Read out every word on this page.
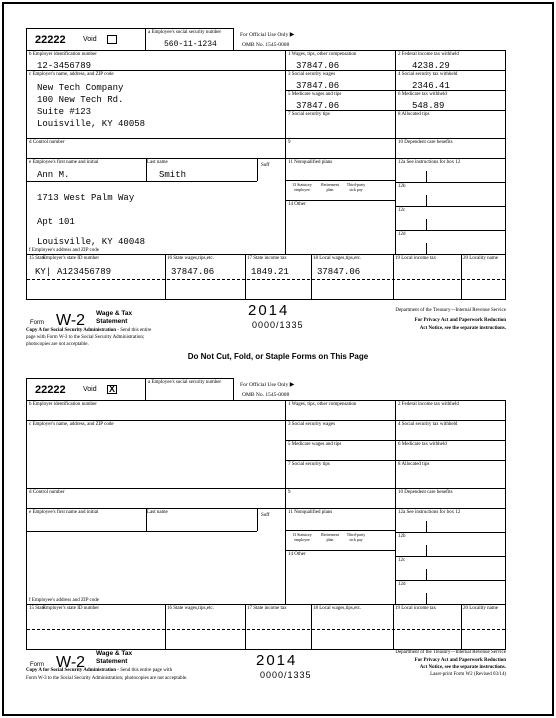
22222 Void
a Employee's social security number
560-11-1234
For Official Use Only ▶
OMB No. 1545-0008
b Employer identification number
12-3456789
c Employer's name, address, and ZIP code
New Tech Company
100 New Tech Rd.
Suite #123
Louisville, KY 40058
d Control number
e Employee's first name and initial	Last name
Suff
Ann M.	Smith
1713 West Palm Way
Apt 101
Louisville, KY 40048
f Employee's address and ZIP code
1 Wages, tips, other compensation
37847.06
2 Federal income tax withheld
4238.29
3 Social security wages
37847.06
4 Social security tax withheld
2346.41
5 Medicare wages and tips
37847.06
6 Medicare tax withheld
548.89
7 Social security tips	8 Allocated tips
9	10 Dependent care benefits
11 Nonqualified plans
13 Statutory employee
Retirement plan
Third-party sick pay
14 Other
12a See instructions for box 12
12b
12c
12d
15 State
Employer's state ID number	16 State wages,tips,etc.	17 State income tax	18 Local wages,tips,etc.	19 Local income tax	20 Locality name
KY| A123456789	37847.06	1849.21	37847.06
Form W-2 Wage & Tax
Statement
2014
0000/1335
Department of the Treasury—Internal Revenue Service
For Privacy Act and Paperwork Reduction
Act Notice, see the separate instructions.
Copy A for Social Security Administration - Send this entire
page with Form W-3 to the Social Security Administration;
photocopies are not acceptable.
Do Not Cut, Fold, or Staple Forms on This Page
22222 Void X
a Employee's social security number	For Official Use Only ▶
OMB No. 1545-0008
b Employer identification number
c Employer's name, address, and ZIP code
d Control number
e Employee's first name and initial	Last name
Suff
f Employee's address and ZIP code
1 Wages, tips, other compensation	2 Federal income tax withheld
3 Social security wages	4 Social security tax withheld
5 Medicare wages and tips	6 Medicare tax withheld
7 Social security tips	8 Allocated tips
9	10 Dependent care benefits
11 Nonqualified plans
13 Statutory employee
Retirement plan
Third-party sick pay
14 Other
12a See instructions for box 12
12b
12c
12d
15 State
Employer's state ID number	16 State wages,tips,etc.	17 State income tax	18 Local wages,tips,etc.	19 Local income tax	20 Locality name
Form W-2
Wage & Tax
Statement	2014
0000/1335
Department of the Treasury—Internal Revenue Service
For Privacy Act and Paperwork Reduction
Act Notice, see the separate instructions.
Laser-print Form W2 (Revised 03/14)
Copy A for Social Security Administration - Send this entire page with
Form W-3 to the Social Security Administration; photocopies are not acceptable.
